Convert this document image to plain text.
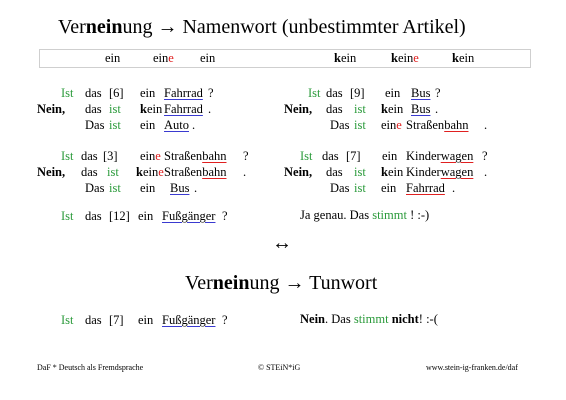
Verneinung → Namenwort (unbestimmter Artikel)
ein	eine ein	kein	keine	kein
Ist das [6] ein Fahrrad ?
Nein, das ist kein Fahrrad .
Das ist ein Auto .
Ist das [9] ein Bus ?
Nein, das ist kein Bus .
Das ist eine Straßenbahn .
Ist das [3] eine Straßenbahn ?
Nein, das ist keine Straßenbahn .
Das ist ein Bus .
Ist das [7] ein Kinderwagen ?
Nein, das ist kein Kinderwagen .
Das ist ein Fahrrad .
Ist das [12] ein Fußgänger ?	Ja genau. Das stimmt ! :-)
↔
Verneinung → Tunwort
Ist das [7] ein Fußgänger ?	Nein. Das stimmt nicht! :-(
DaF * Deutsch als Fremdsprache	© STEiN*iG	www.stein-ig-franken.de/daf
